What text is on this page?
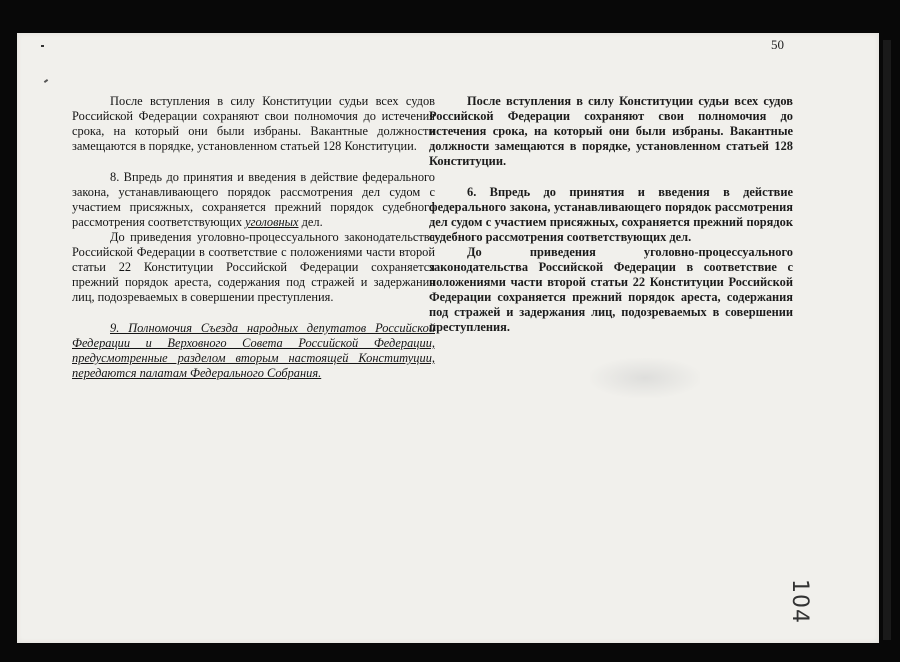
50

После вступления в силу Конституции судьи всех судов Российской Федерации сохраняют свои полномочия до истечения срока, на который они были избраны. Вакантные должности замещаются в порядке, установленном статьей 128 Конституции.

8. Впредь до принятия и введения в действие федерального закона, устанавливающего порядок рассмотрения дел судом с участием присяжных, сохраняется прежний порядок судебного рассмотрения соответствующих уголовных дел.

До приведения уголовно-процессуального законодательства Российской Федерации в соответствие с положениями части второй статьи 22 Конституции Российской Федерации сохраняется прежний порядок ареста, содержания под стражей и задержания лиц, подозреваемых в совершении преступления.

9. Полномочия Съезда народных депутатов Российской Федерации и Верховного Совета Российской Федерации, предусмотренные разделом вторым настоящей Конституции, передаются палатам Федерального Собрания.

После вступления в силу Конституции судьи всех судов Российской Федерации сохраняют свои полномочия до истечения срока, на который они были избраны. Вакантные должности замещаются в порядке, установленном статьей 128 Конституции.

6. Впредь до принятия и введения в действие федерального закона, устанавливающего порядок рассмотрения дел судом с участием присяжных, сохраняется прежний порядок судебного рассмотрения соответствующих дел.

До приведения уголовно-процессуального законодательства Российской Федерации в соответствие с положениями части второй статьи 22 Конституции Российской Федерации сохраняется прежний порядок ареста, содержания под стражей и задержания лиц, подозреваемых в совершении преступления.

104
